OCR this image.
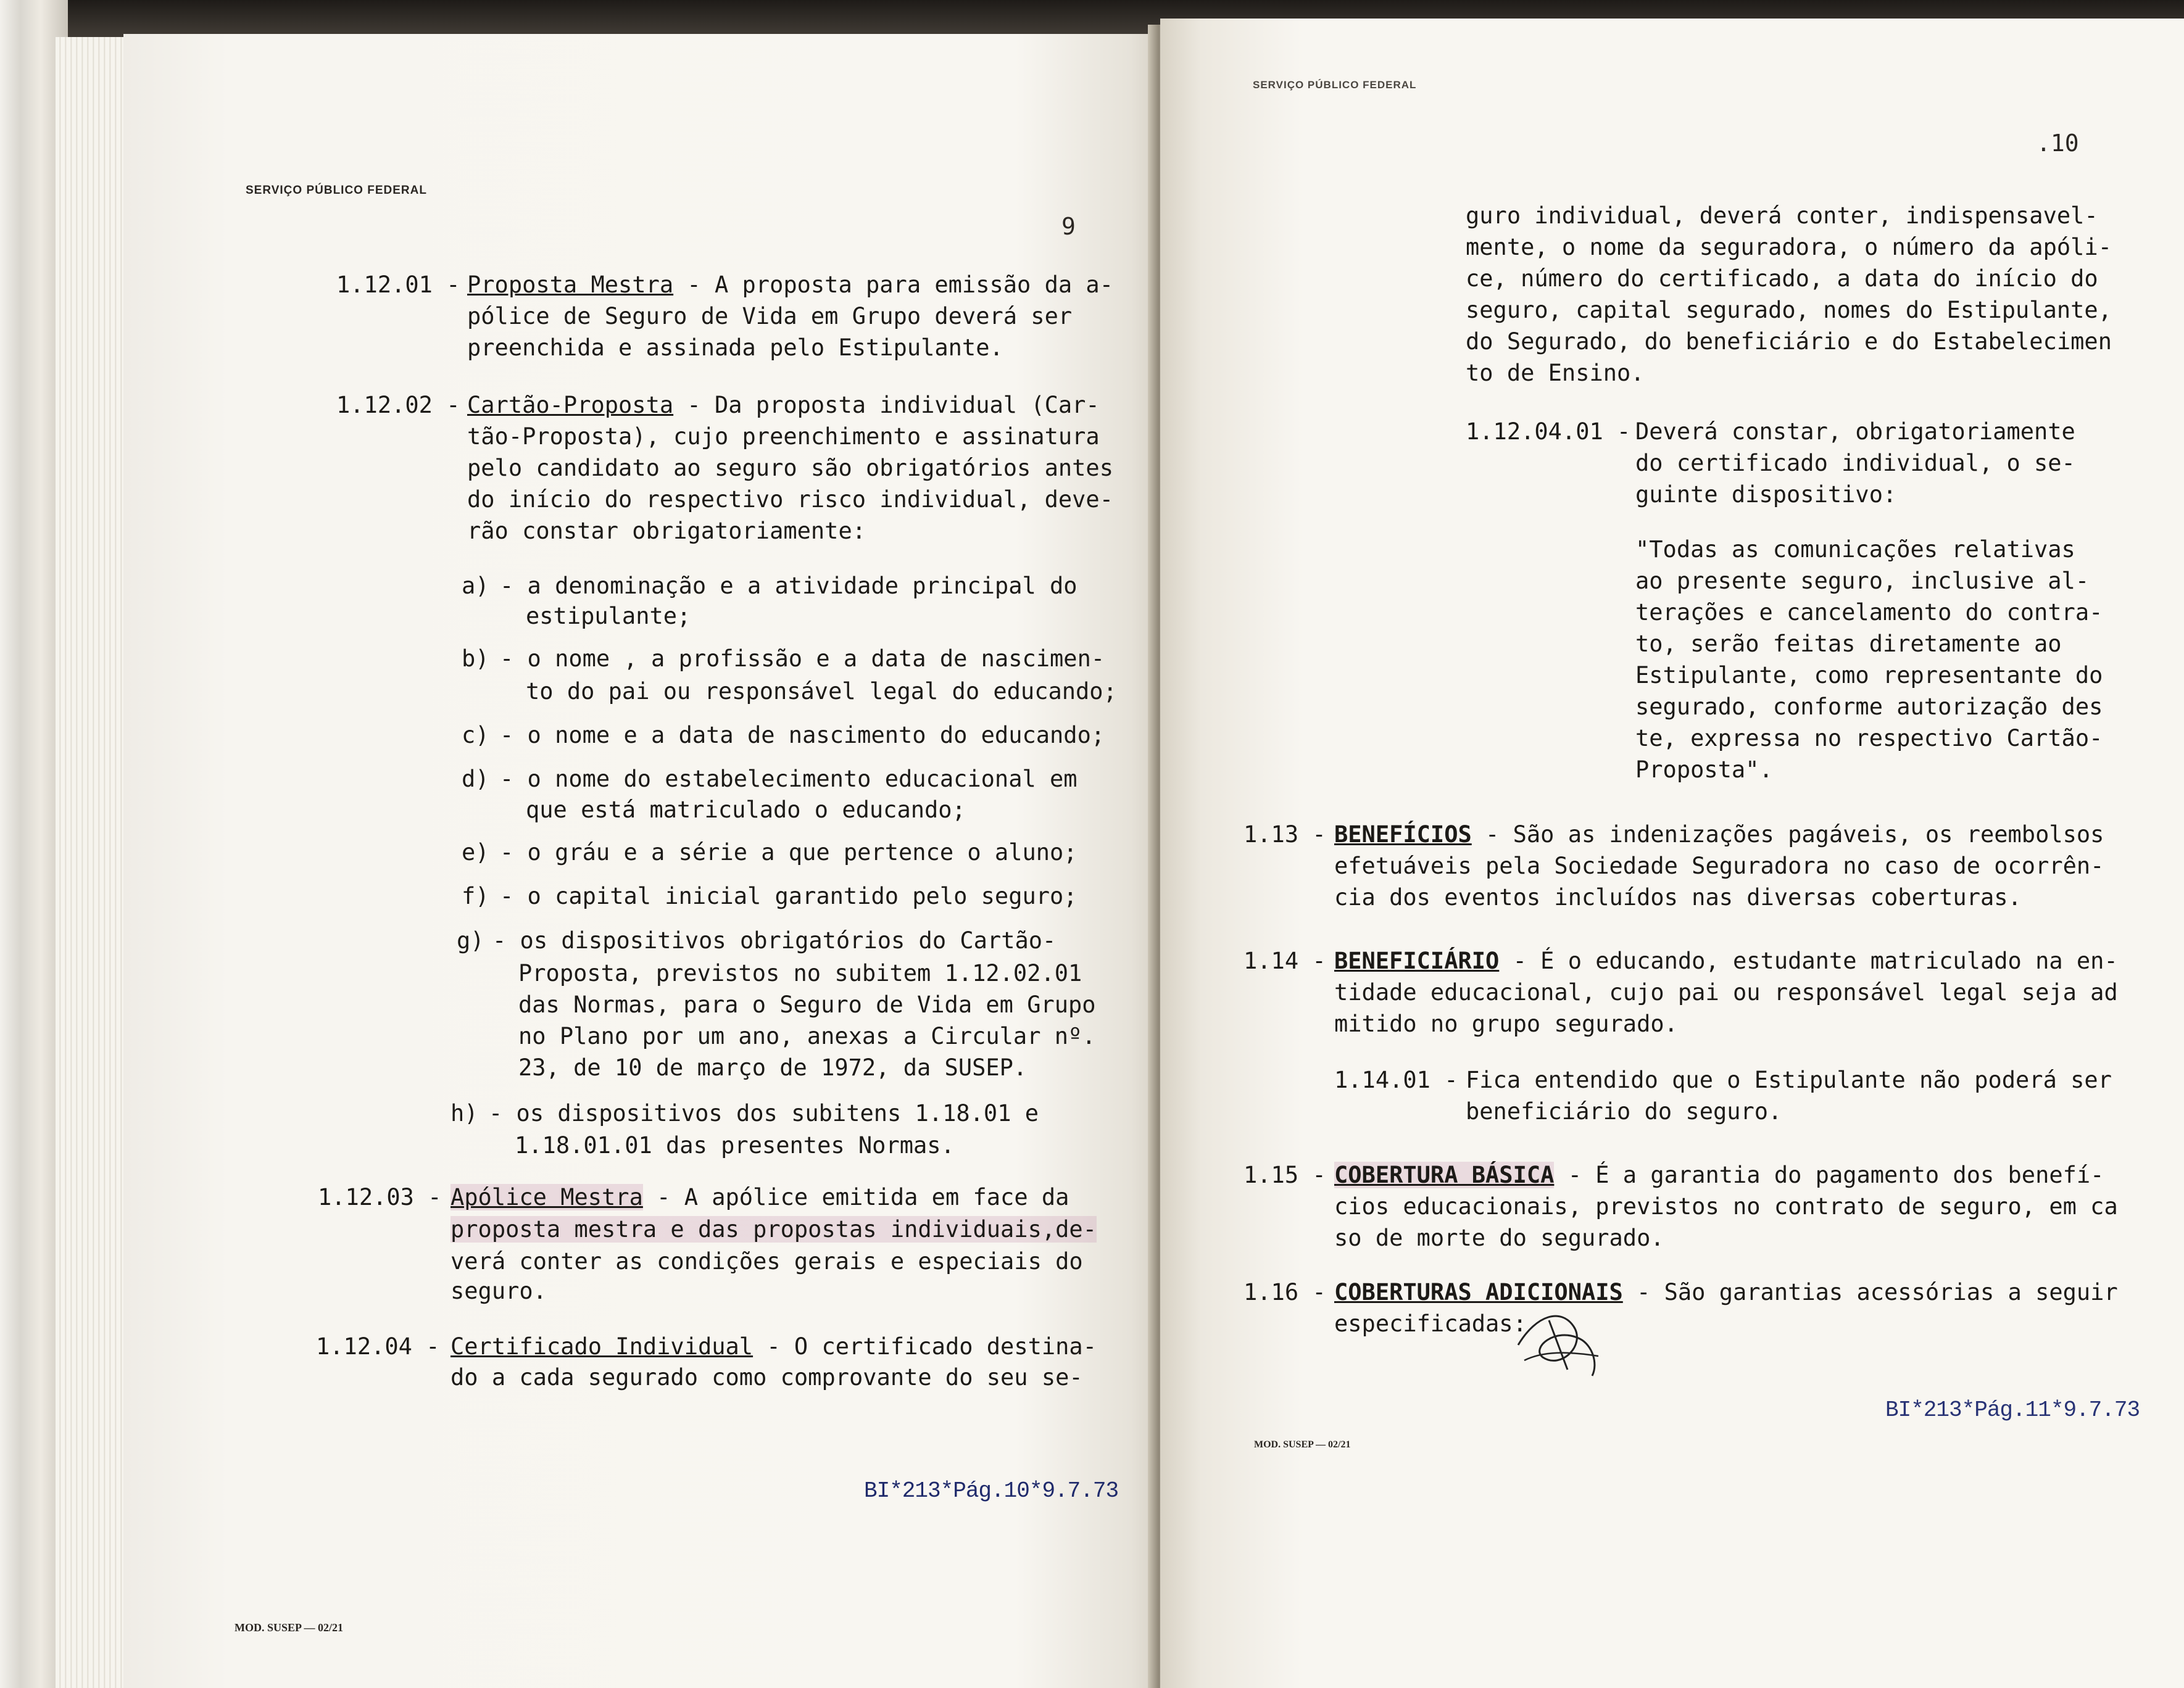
SERVIÇO PÚBLICO FEDERAL
9
1.12.01 - Proposta Mestra - A proposta para emissão da a-
pólice de Seguro de Vida em Grupo deverá ser
preenchida e assinada pelo Estipulante.
1.12.02 - Cartão-Proposta - Da proposta individual (Car-
tão-Proposta), cujo preenchimento e assinatura
pelo candidato ao seguro são obrigatórios antes
do início do respectivo risco individual, deve-
rão constar obrigatoriamente:
a) - a denominação e a atividade principal do
estipulante;
b) - o nome , a profissão e a data de nascimen-
to do pai ou responsável legal do educando;
c) - o nome e a data de nascimento do educando;
d) - o nome do estabelecimento educacional em
que está matriculado o educando;
e) - o gráu e a série a que pertence o aluno;
f) - o capital inicial garantido pelo seguro;
g) - os dispositivos obrigatórios do Cartão-
Proposta, previstos no subitem 1.12.02.01
das Normas, para o Seguro de Vida em Grupo
no Plano por um ano, anexas a Circular nº.
23, de 10 de março de 1972, da SUSEP.
h) - os dispositivos dos subitens 1.18.01 e
1.18.01.01 das presentes Normas.
1.12.03 - Apólice Mestra - A apólice emitida em face da
proposta mestra e das propostas individuais,de-
verá conter as condições gerais e especiais do
seguro.
1.12.04 - Certificado Individual - O certificado destina-
do a cada segurado como comprovante do seu se-
BI*213*Pág.10*9.7.73
MOD. SUSEP — 02/21
SERVIÇO PÚBLICO FEDERAL
.10
guro individual, deverá conter, indispensavel-
mente, o nome da seguradora, o número da apóli-
ce, número do certificado, a data do início do
seguro, capital segurado, nomes do Estipulante,
do Segurado, do beneficiário e do Estabelecimen
to de Ensino.
1.12.04.01 - Deverá constar, obrigatoriamente
do certificado individual, o se-
guinte dispositivo:
"Todas as comunicações relativas
ao presente seguro, inclusive al-
terações e cancelamento do contra-
to, serão feitas diretamente ao
Estipulante, como representante do
segurado, conforme autorização des
te, expressa no respectivo Cartão-
Proposta".
1.13 - BENEFÍCIOS - São as indenizações pagáveis, os reembolsos
efetuáveis pela Sociedade Seguradora no caso de ocorrên-
cia dos eventos incluídos nas diversas coberturas.
1.14 - BENEFICIÁRIO - É o educando, estudante matriculado na en-
tidade educacional, cujo pai ou responsável legal seja ad
mitido no grupo segurado.
1.14.01 - Fica entendido que o Estipulante não poderá ser
beneficiário do seguro.
1.15 - COBERTURA BÁSICA - É a garantia do pagamento dos benefí-
cios educacionais, previstos no contrato de seguro, em ca
so de morte do segurado.
1.16 - COBERTURAS ADICIONAIS - São garantias acessórias a seguir
especificadas:
BI*213*Pág.11*9.7.73
MOD. SUSEP — 02/21
